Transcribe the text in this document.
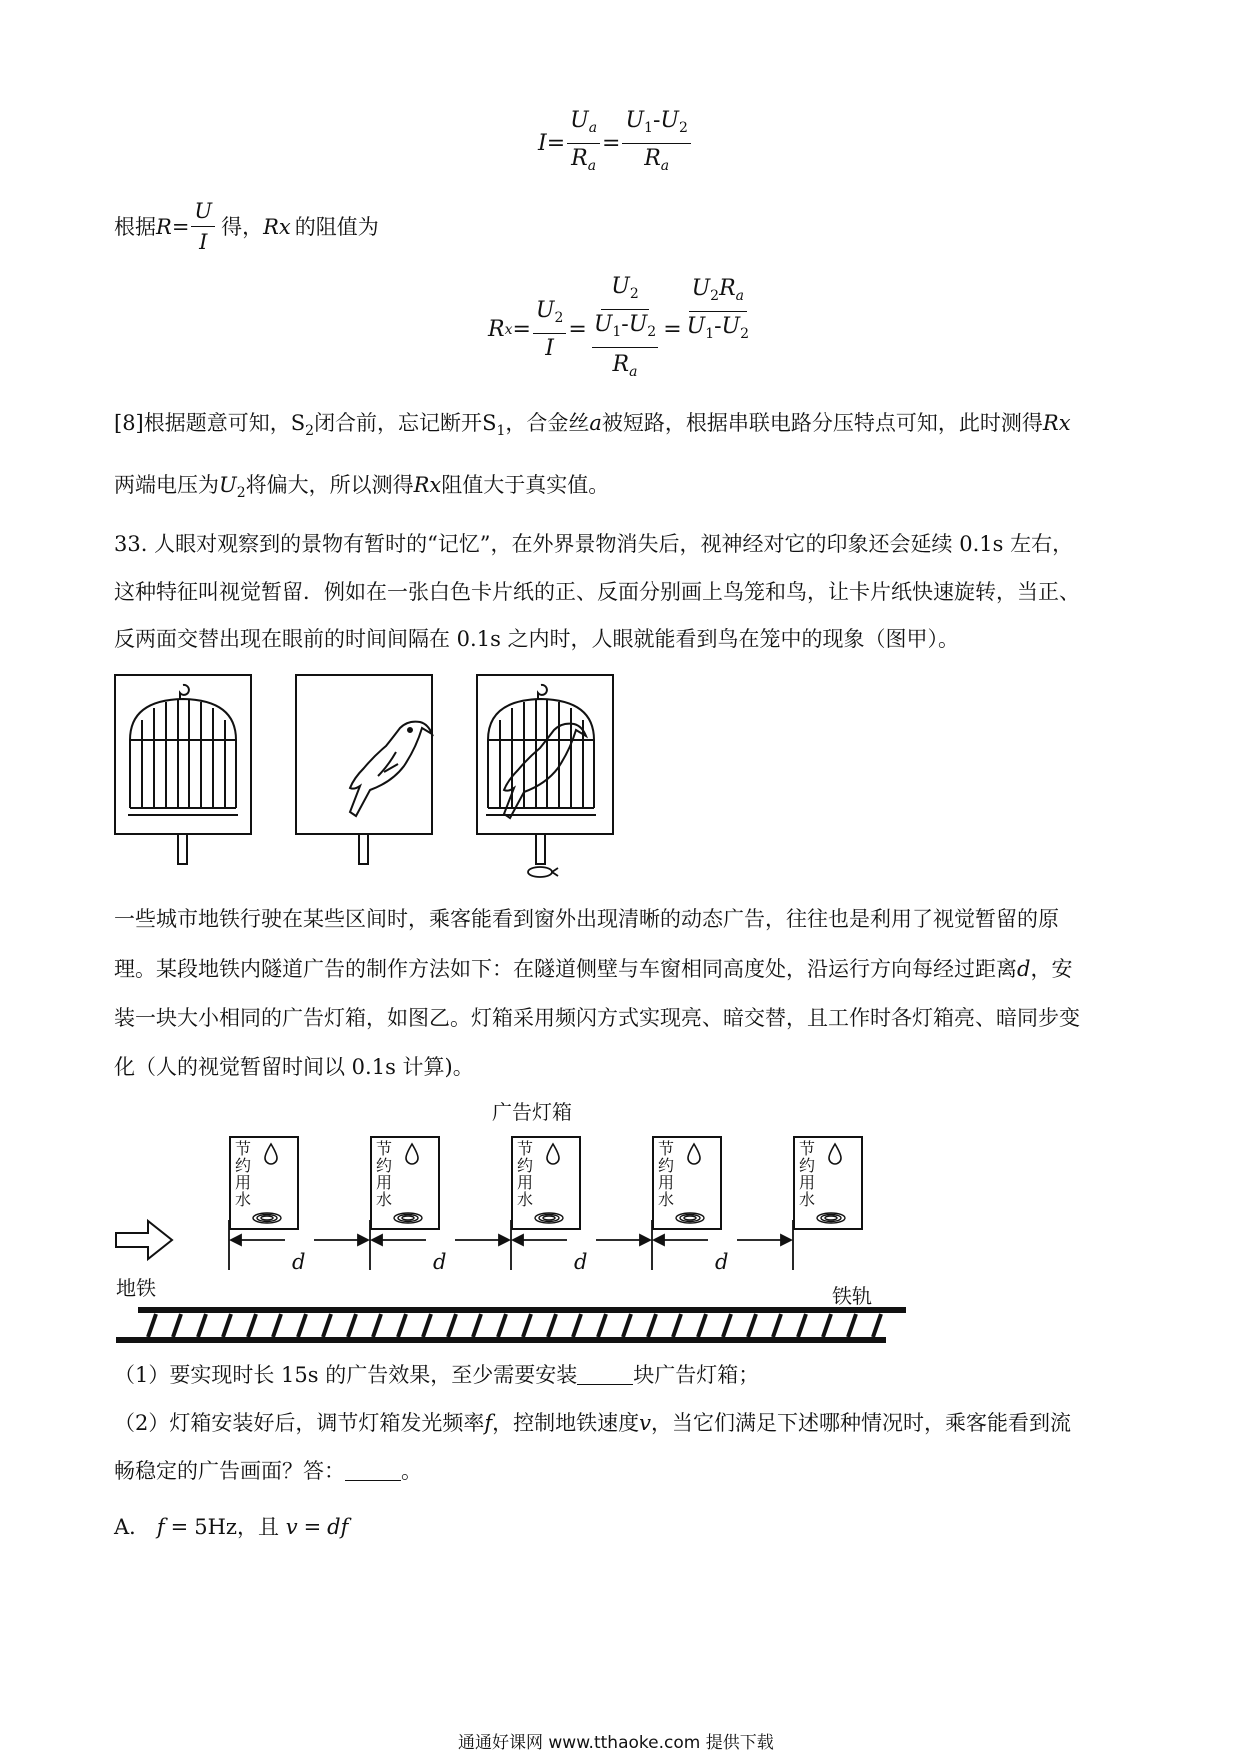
$I = \frac{U_a}{R_a} = \frac{U_1-U_2}{R_a}$
根据 $R = \frac{U}{I}$ 得， Rx 的阻值为
R $x = \frac{U_2}{I} = U_2$
$U_1-U_2$
$R_a = \frac{U_2R_a}{U_1-U_2}$
[8]根据题意可知，$S_2$闭合前，忘记断开$S_1$，合金丝a被短路，根据串联电路分压特点可知，此时测得Rx
两端电压为$U_2$将偏大，所以测得Rx阻值大于真实值。
33. 人眼对观察到的景物有暂时的“记忆”，在外界景物消失后，视神经对它的印象还会延续 0.1s 左右，
这种特征叫视觉暂留．例如在一张白色卡片纸的正、反面分别画上鸟笼和鸟，让卡片纸快速旋转，当正、
反两面交替出现在眼前的时间间隔在 0.1s 之内时，人眼就能看到鸟在笼中的现象（图甲）。
一些城市地铁行驶在某些区间时，乘客能看到窗外出现清晰的动态广告，往往也是利用了视觉暂留的原
理。某段地铁内隧道广告的制作方法如下：在隧道侧壁与车窗相同高度处，沿运行方向每经过距离d，安
装一块大小相同的广告灯箱，如图乙。灯箱采用频闪方式实现亮、暗交替，且工作时各灯箱亮、暗同步变
化（人的视觉暂留时间以 0.1s 计算)。
广告灯箱
节
约
用
水
节
约
用
水
节
约
用
水
节
约
用
水
节
约
用
水
d	d	d	d
地铁	铁轨
（1）要实现时长 15s 的广告效果，至少需要安装	块广告灯箱；
（2）灯箱安装好后，调节灯箱发光频率f，控制地铁速度v，当它们满足下述哪种情况时，乘客能看到流
畅稳定的广告画面？答：	。
A． f = 5Hz，且 v = df
通通好课网 www.tthaoke.com 提供下载
